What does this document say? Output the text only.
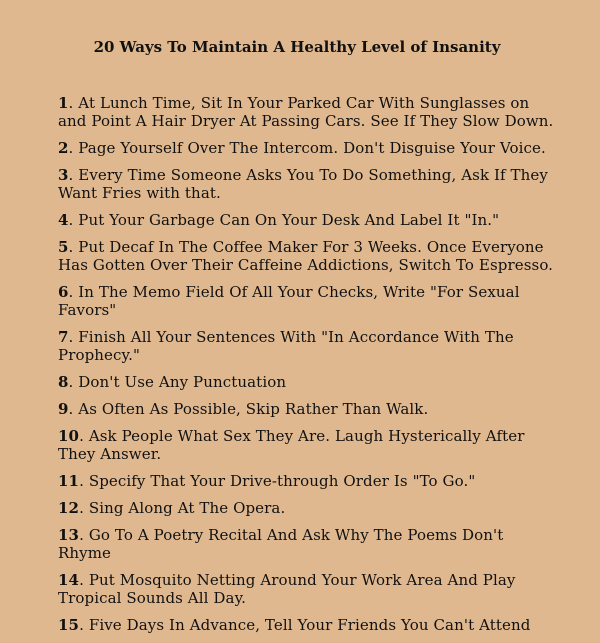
20 Ways To Maintain A Healthy Level of Insanity
1. At Lunch Time, Sit In Your Parked Car With Sunglasses on and Point A Hair Dryer At Passing Cars. See If They Slow Down.
2. Page Yourself Over The Intercom. Don't Disguise Your Voice.
3. Every Time Someone Asks You To Do Something, Ask If They Want Fries with that.
4. Put Your Garbage Can On Your Desk And Label It "In."
5. Put Decaf In The Coffee Maker For 3 Weeks. Once Everyone Has Gotten Over Their Caffeine Addictions, Switch To Espresso.
6. In The Memo Field Of All Your Checks, Write "For Sexual Favors"
7. Finish All Your Sentences With "In Accordance With The Prophecy."
8. Don't Use Any Punctuation
9. As Often As Possible, Skip Rather Than Walk.
10. Ask People What Sex They Are. Laugh Hysterically After They Answer.
11. Specify That Your Drive-through Order Is "To Go."
12. Sing Along At The Opera.
13. Go To A Poetry Recital And Ask Why The Poems Don't Rhyme
14. Put Mosquito Netting Around Your Work Area And Play Tropical Sounds All Day.
15. Five Days In Advance, Tell Your Friends You Can't Attend
